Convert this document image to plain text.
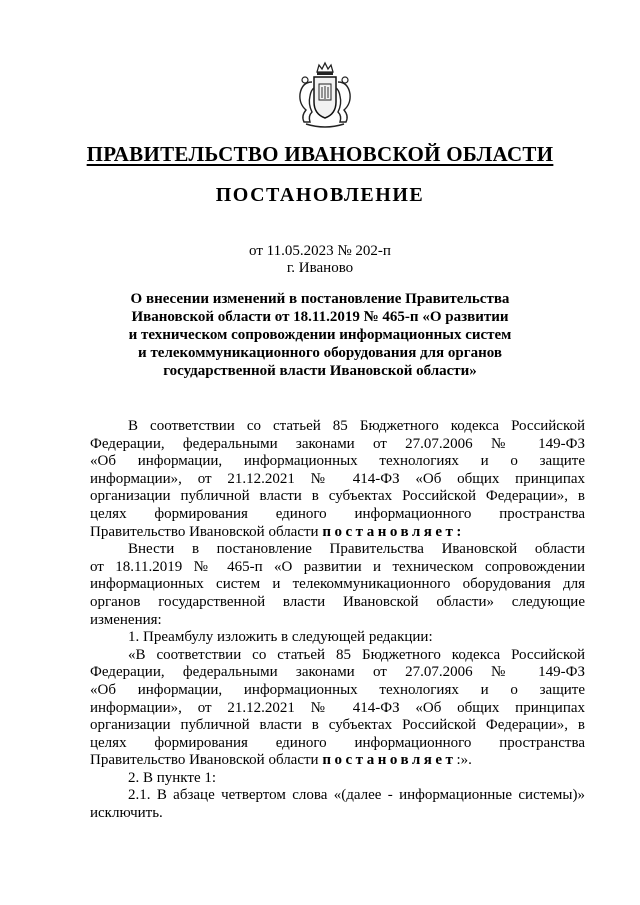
ПРАВИТЕЛЬСТВО ИВАНОВСКОЙ ОБЛАСТИ

ПОСТАНОВЛЕНИЕ

от 11.05.2023 № 202-п

г. Иваново

О внесении изменений в постановление Правительства
Ивановской области от 18.11.2019 № 465-п «О развитии
и техническом сопровождении информационных систем
и телекоммуникационного оборудования для органов
государственной власти Ивановской области»
В соответствии со статьей 85 Бюджетного кодекса Российской
Федерации, федеральными законами от 27.07.2006 № 149-ФЗ
«Об информации, информационных технологиях и о защите
информации», от 21.12.2021 № 414-ФЗ «Об общих принципах
организации публичной власти в субъектах Российской Федерации», в
целях формирования единого информационного пространства
Правительство Ивановской области постановляет:
Внести в постановление Правительства Ивановской области
от 18.11.2019 № 465-п «О развитии и техническом сопровождении
информационных систем и телекоммуникационного оборудования для
органов государственной власти Ивановской области» следующие
изменения:
1. Преамбулу изложить в следующей редакции:
«В соответствии со статьей 85 Бюджетного кодекса Российской
Федерации, федеральными законами от 27.07.2006 № 149-ФЗ
«Об информации, информационных технологиях и о защите
информации», от 21.12.2021 № 414-ФЗ «Об общих принципах
организации публичной власти в субъектах Российской Федерации», в
целях формирования единого информационного пространства
Правительство Ивановской области постановляет:».
2. В пункте 1:
2.1. В абзаце четвертом слова «(далее - информационные системы)»
исключить.
